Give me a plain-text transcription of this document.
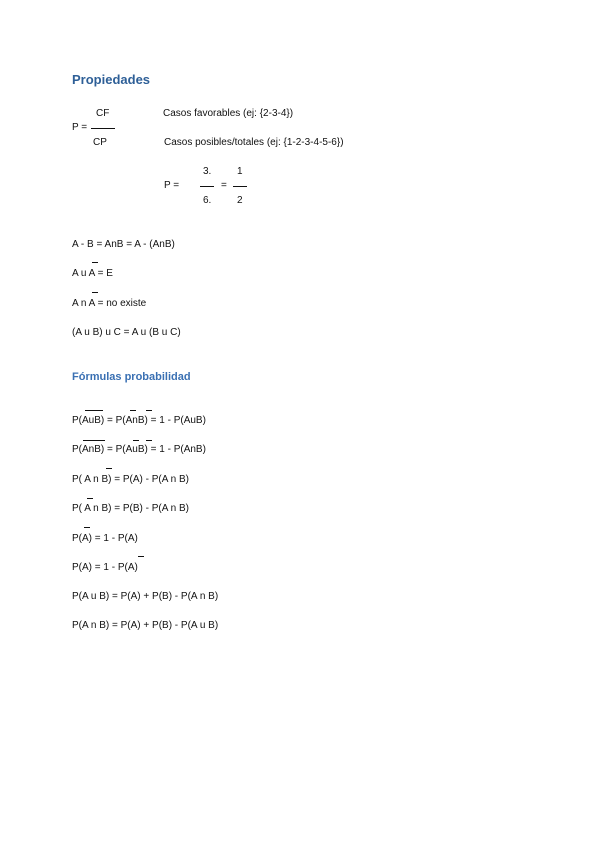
Propiedades
CF
P =
CP
Casos favorables (ej: {2-3-4})
Casos posibles/totales (ej: {1-2-3-4-5-6})
P =
3.
6.
=
1
2
A - B = AnB = A - (AnB)
A u A = E
A n A = no existe
(A u B) u C = A u (B u C)
Fórmulas probabilidad
P(AuB) = P(AnB) = 1 - P(AuB)
P(AnB) = P(AuB) = 1 - P(AnB)
P( A n B) = P(A) - P(A n B)
P( A n B) = P(B) - P(A n B)
P(A) = 1 - P(A)
P(A) = 1 - P(A)
P(A u B) = P(A) + P(B) - P(A n B)
P(A n B) = P(A) + P(B) - P(A u B)
